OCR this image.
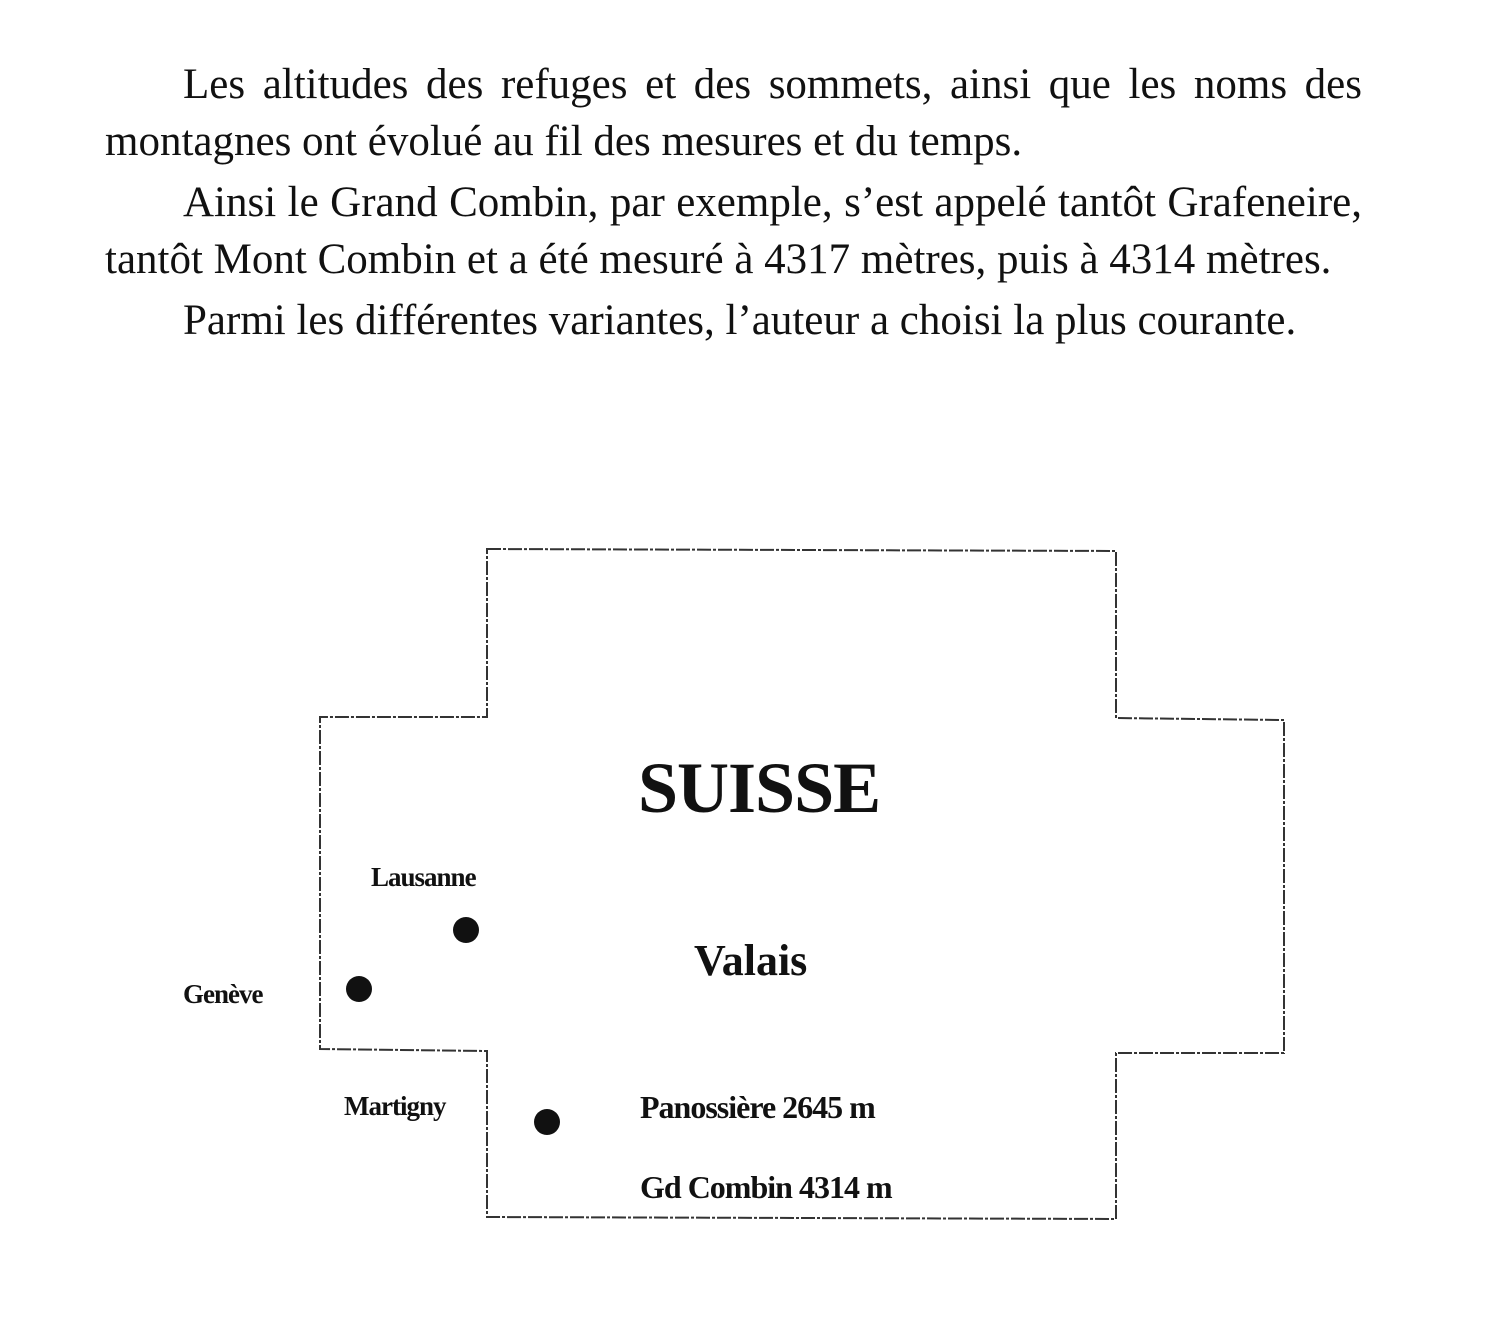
Les altitudes des refuges et des sommets, ainsi que les noms des montagnes ont évolué au fil des mesures et du temps.

Ainsi le Grand Combin, par exemple, s’est appelé tantôt Grafeneire, tantôt Mont Combin et a été mesuré à 4317 mètres, puis à 4314 mètres.

Parmi les différentes variantes, l’auteur a choisi la plus courante.

SUISSE
Valais
Lausanne
Genève
Martigny	Panossière 2645 m
Gd Combin 4314 m
